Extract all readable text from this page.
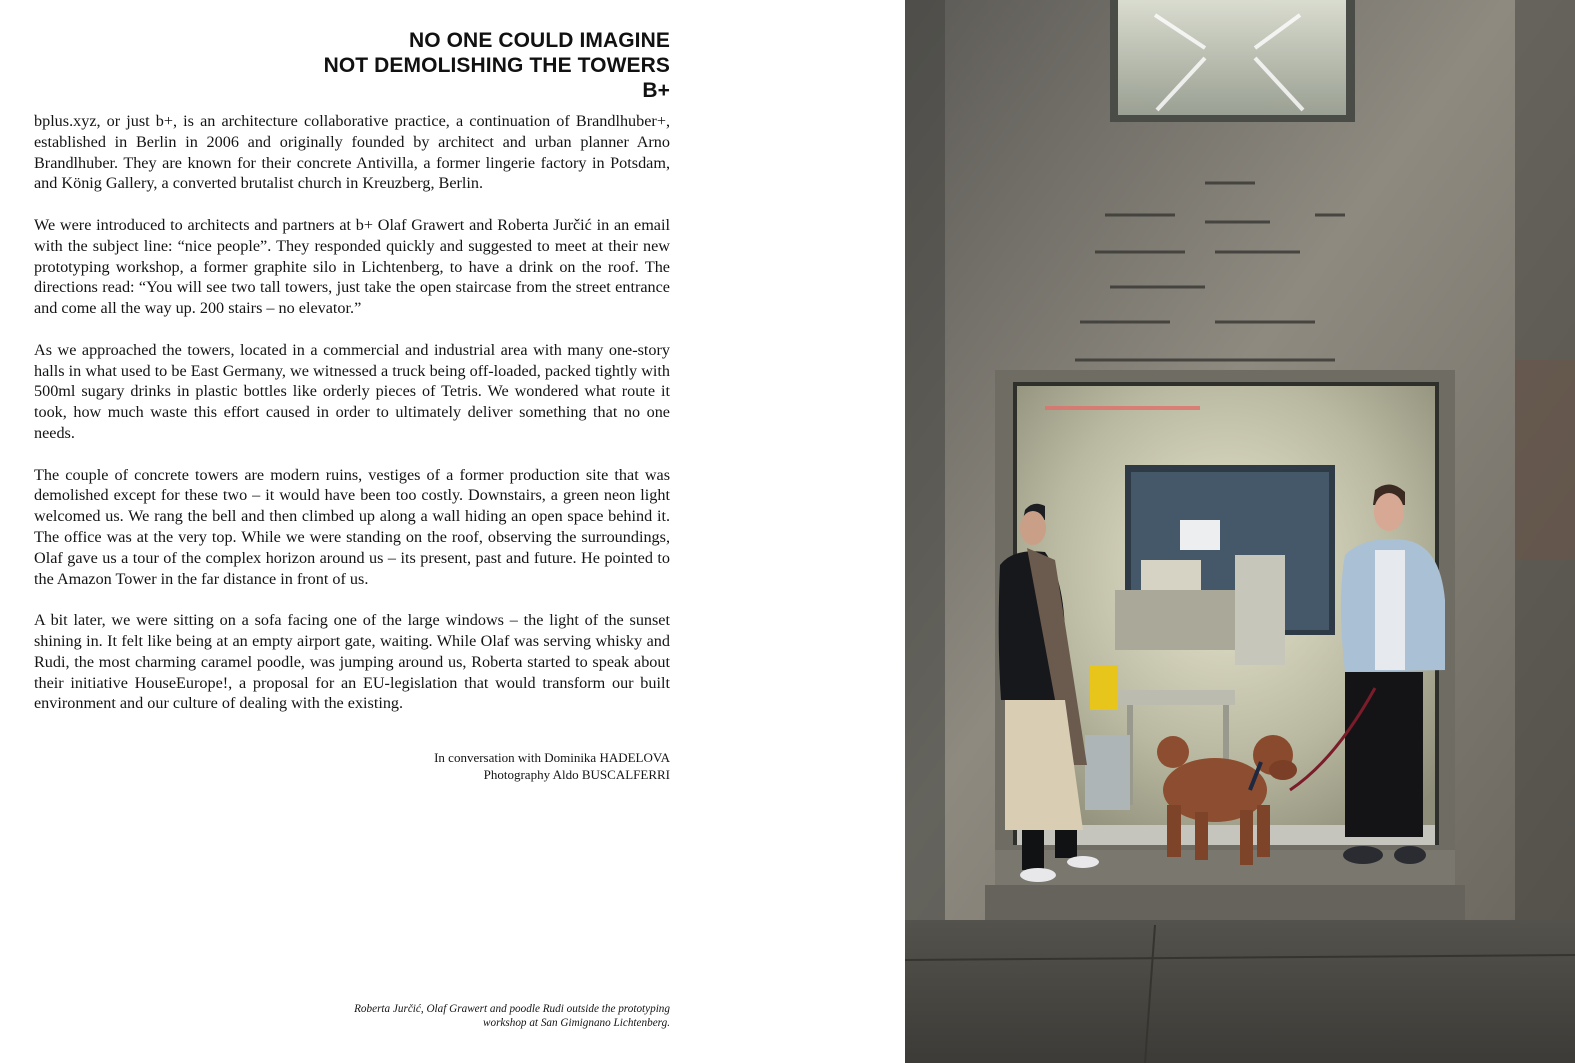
NO ONE COULD IMAGINE
NOT DEMOLISHING THE TOWERS
B+

bplus.xyz, or just b+, is an architecture collaborative practice, a continuation of Brandlhuber+, established in Berlin in 2006 and originally founded by architect and urban planner Arno Brandlhuber. They are known for their concrete Antivilla, a former lingerie factory in Potsdam, and König Gallery, a converted brutalist church in Kreuzberg, Berlin.

We were introduced to architects and partners at b+ Olaf Grawert and Roberta Jurčić in an email with the subject line: “nice people”. They responded quickly and suggested to meet at their new prototyping workshop, a former graphite silo in Lichtenberg, to have a drink on the roof. The directions read: “You will see two tall towers, just take the open staircase from the street entrance and come all the way up. 200 stairs – no elevator.”

As we approached the towers, located in a commercial and industrial area with many one-story halls in what used to be East Germany, we witnessed a truck being off-loaded, packed tightly with 500ml sugary drinks in plastic bottles like orderly pieces of Tetris. We wondered what route it took, how much waste this effort caused in order to ultimately deliver something that no one needs.

The couple of concrete towers are modern ruins, vestiges of a former production site that was demolished except for these two – it would have been too costly. Downstairs, a green neon light welcomed us. We rang the bell and then climbed up along a wall hiding an open space behind it. The office was at the very top. While we were standing on the roof, observing the surroundings, Olaf gave us a tour of the complex horizon around us – its present, past and future. He pointed to the Amazon Tower in the far distance in front of us.

A bit later, we were sitting on a sofa facing one of the large windows – the light of the sunset shining in. It felt like being at an empty airport gate, waiting. While Olaf was serving whisky and Rudi, the most charming caramel poodle, was jumping around us, Roberta started to speak about their initiative HouseEurope!, a proposal for an EU-legislation that would transform our built environment and our culture of dealing with the existing.

In conversation with Dominika HADELOVA
Photography Aldo BUSCALFERRI
Roberta Jurčić, Olaf Grawert and poodle Rudi outside the prototyping
workshop at San Gimignano Lichtenberg.
